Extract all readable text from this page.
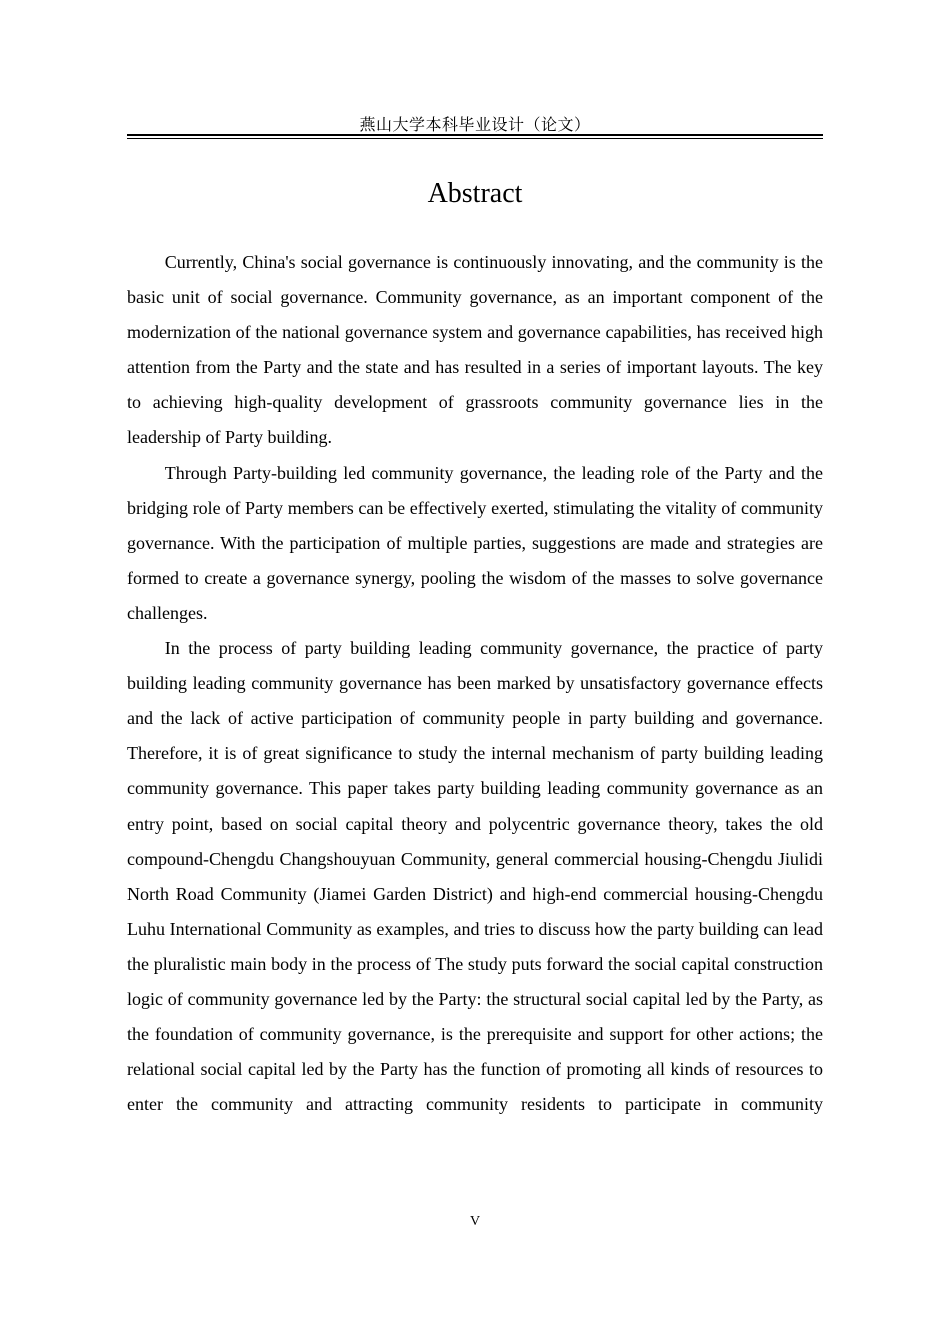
燕山大学本科毕业设计（论文）
Abstract

Currently, China's social governance is continuously innovating, and the community is the basic unit of social governance. Community governance, as an important component of the modernization of the national governance system and governance capabilities, has received high attention from the Party and the state and has resulted in a series of important layouts. The key to achieving high-quality development of grassroots community governance lies in the leadership of Party building.

Through Party-building led community governance, the leading role of the Party and the bridging role of Party members can be effectively exerted, stimulating the vitality of community governance. With the participation of multiple parties, suggestions are made and strategies are formed to create a governance synergy, pooling the wisdom of the masses to solve governance challenges.

In the process of party building leading community governance, the practice of party building leading community governance has been marked by unsatisfactory governance effects and the lack of active participation of community people in party building and governance. Therefore, it is of great significance to study the internal mechanism of party building leading community governance. This paper takes party building leading community governance as an entry point, based on social capital theory and polycentric governance theory, takes the old compound-Chengdu Changshouyuan Community, general commercial housing-Chengdu Jiulidi North Road Community (Jiamei Garden District) and high-end commercial housing-Chengdu Luhu International Community as examples, and tries to discuss how the party building can lead the pluralistic main body in the process of The study puts forward the social capital construction logic of community governance led by the Party: the structural social capital led by the Party, as the foundation of community governance, is the prerequisite and support for other actions; the relational social capital led by the Party has the function of promoting all kinds of resources to enter the community and attracting community residents to participate in community

V
